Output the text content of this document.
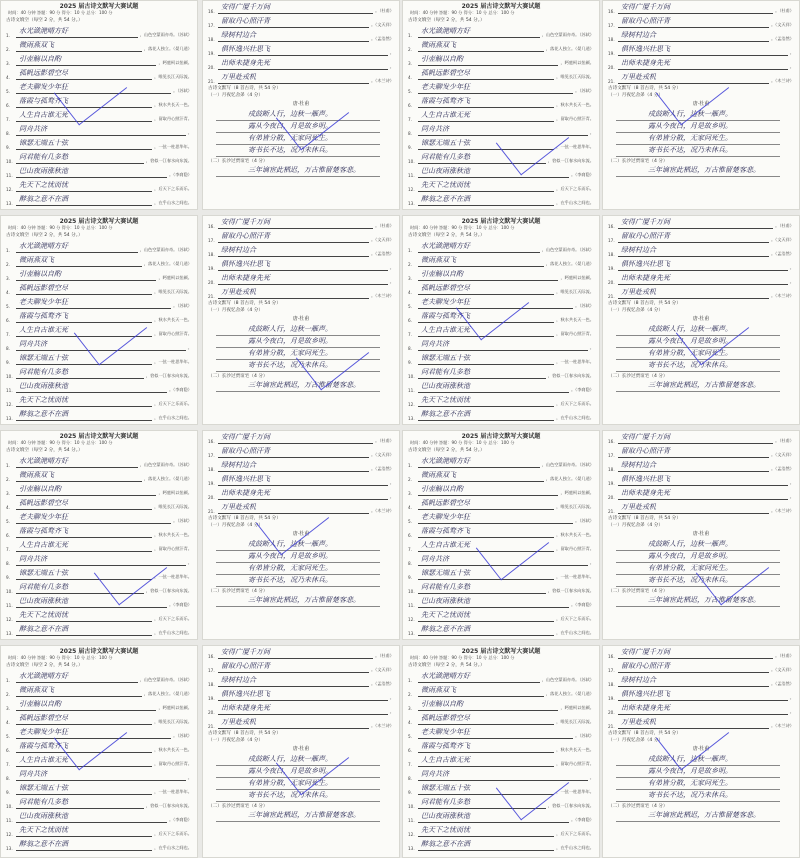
2025 届古诗文默写大赛试题
时间：40 分钟 答题：90 分 得分：10 分 总分：100 分
古诗文填空（每空 2 分，共 54 分。）
1.
水光潋滟晴方好	，山色空蒙雨亦奇。（苏轼）
2.
微雨燕双飞	，落花人独立。（晏几道）
3.
引壶觞以自酌	，眄庭柯以怡颜。
4.
孤帆远影碧空尽	，唯见长江天际流。
5.
老夫聊发少年狂	。（苏轼）
6.
落霞与孤鹜齐飞	，秋水共长天一色。
7.
人生自古谁无死	，留取丹心照汗青。
8.
同舟共济	。
9.
锦瑟无端五十弦	，一弦一柱思华年。
10.
问君能有几多愁	，恰似一江春水向东流。
11.
巴山夜雨涨秋池	。（李商隐）
12.
先天下之忧而忧	，后天下之乐而乐。
13.
醉翁之意不在酒	，在乎山水之间也。
16.
安得广厦千万间	。（杜甫）
17.
留取丹心照汗青	。（文天祥）
18.
绿树村边合	。（孟浩然）
19.
俱怀逸兴壮思飞	。
20.
出师未捷身先死	。
21.
万里赴戎机	。（木兰诗）
古诗文默写（8 首古诗，共 54 分）
（一）月夜忆舍弟（4 分）
唐·杜甫
戍鼓断人行，边秋一雁声。
露从今夜白，月是故乡明。
有弟皆分散，无家问死生。
寄书长不达，况乃未休兵。
（二）长沙过贾谊宅（4 分）
三年谪宦此栖迟，万古惟留楚客悲。
2025 届古诗文默写大赛试题
时间：40 分钟 答题：90 分 得分：10 分 总分：100 分
古诗文填空（每空 2 分，共 54 分。）
1.
水光潋滟晴方好	，山色空蒙雨亦奇。（苏轼）
2.
微雨燕双飞	，落花人独立。（晏几道）
3.
引壶觞以自酌	，眄庭柯以怡颜。
4.
孤帆远影碧空尽	，唯见长江天际流。
5.
老夫聊发少年狂	。（苏轼）
6.
落霞与孤鹜齐飞	，秋水共长天一色。
7.
人生自古谁无死	，留取丹心照汗青。
8.
同舟共济	。
9.
锦瑟无端五十弦	，一弦一柱思华年。
10.
问君能有几多愁	，恰似一江春水向东流。
11.
巴山夜雨涨秋池	。（李商隐）
12.
先天下之忧而忧	，后天下之乐而乐。
13.
醉翁之意不在酒	，在乎山水之间也。
16.
安得广厦千万间	。（杜甫）
17.
留取丹心照汗青	。（文天祥）
18.
绿树村边合	。（孟浩然）
19.
俱怀逸兴壮思飞	。
20.
出师未捷身先死	。
21.
万里赴戎机	。（木兰诗）
古诗文默写（8 首古诗，共 54 分）
（一）月夜忆舍弟（4 分）
唐·杜甫
戍鼓断人行，边秋一雁声。
露从今夜白，月是故乡明。
有弟皆分散，无家问死生。
寄书长不达，况乃未休兵。
（二）长沙过贾谊宅（4 分）
三年谪宦此栖迟，万古惟留楚客悲。
2025 届古诗文默写大赛试题
时间：40 分钟 答题：90 分 得分：10 分 总分：100 分
古诗文填空（每空 2 分，共 54 分。）
1.
水光潋滟晴方好	，山色空蒙雨亦奇。（苏轼）
2.
微雨燕双飞	，落花人独立。（晏几道）
3.
引壶觞以自酌	，眄庭柯以怡颜。
4.
孤帆远影碧空尽	，唯见长江天际流。
5.
老夫聊发少年狂	。（苏轼）
6.
落霞与孤鹜齐飞	，秋水共长天一色。
7.
人生自古谁无死	，留取丹心照汗青。
8.
同舟共济	。
9.
锦瑟无端五十弦	，一弦一柱思华年。
10.
问君能有几多愁	，恰似一江春水向东流。
11.
巴山夜雨涨秋池	。（李商隐）
12.
先天下之忧而忧	，后天下之乐而乐。
13.
醉翁之意不在酒	，在乎山水之间也。
16.
安得广厦千万间	。（杜甫）
17.
留取丹心照汗青	。（文天祥）
18.
绿树村边合	。（孟浩然）
19.
俱怀逸兴壮思飞	。
20.
出师未捷身先死	。
21.
万里赴戎机	。（木兰诗）
古诗文默写（8 首古诗，共 54 分）
（一）月夜忆舍弟（4 分）
唐·杜甫
戍鼓断人行，边秋一雁声。
露从今夜白，月是故乡明。
有弟皆分散，无家问死生。
寄书长不达，况乃未休兵。
（二）长沙过贾谊宅（4 分）
三年谪宦此栖迟，万古惟留楚客悲。
2025 届古诗文默写大赛试题
时间：40 分钟 答题：90 分 得分：10 分 总分：100 分
古诗文填空（每空 2 分，共 54 分。）
1.
水光潋滟晴方好	，山色空蒙雨亦奇。（苏轼）
2.
微雨燕双飞	，落花人独立。（晏几道）
3.
引壶觞以自酌	，眄庭柯以怡颜。
4.
孤帆远影碧空尽	，唯见长江天际流。
5.
老夫聊发少年狂	。（苏轼）
6.
落霞与孤鹜齐飞	，秋水共长天一色。
7.
人生自古谁无死	，留取丹心照汗青。
8.
同舟共济	。
9.
锦瑟无端五十弦	，一弦一柱思华年。
10.
问君能有几多愁	，恰似一江春水向东流。
11.
巴山夜雨涨秋池	。（李商隐）
12.
先天下之忧而忧	，后天下之乐而乐。
13.
醉翁之意不在酒	，在乎山水之间也。
16.
安得广厦千万间	。（杜甫）
17.
留取丹心照汗青	。（文天祥）
18.
绿树村边合	。（孟浩然）
19.
俱怀逸兴壮思飞	。
20.
出师未捷身先死	。
21.
万里赴戎机	。（木兰诗）
古诗文默写（8 首古诗，共 54 分）
（一）月夜忆舍弟（4 分）
唐·杜甫
戍鼓断人行，边秋一雁声。
露从今夜白，月是故乡明。
有弟皆分散，无家问死生。
寄书长不达，况乃未休兵。
（二）长沙过贾谊宅（4 分）
三年谪宦此栖迟，万古惟留楚客悲。
2025 届古诗文默写大赛试题
时间：40 分钟 答题：90 分 得分：10 分 总分：100 分
古诗文填空（每空 2 分，共 54 分。）
1.
水光潋滟晴方好	，山色空蒙雨亦奇。（苏轼）
2.
微雨燕双飞	，落花人独立。（晏几道）
3.
引壶觞以自酌	，眄庭柯以怡颜。
4.
孤帆远影碧空尽	，唯见长江天际流。
5.
老夫聊发少年狂	。（苏轼）
6.
落霞与孤鹜齐飞	，秋水共长天一色。
7.
人生自古谁无死	，留取丹心照汗青。
8.
同舟共济	。
9.
锦瑟无端五十弦	，一弦一柱思华年。
10.
问君能有几多愁	，恰似一江春水向东流。
11.
巴山夜雨涨秋池	。（李商隐）
12.
先天下之忧而忧	，后天下之乐而乐。
13.
醉翁之意不在酒	，在乎山水之间也。
16.
安得广厦千万间	。（杜甫）
17.
留取丹心照汗青	。（文天祥）
18.
绿树村边合	。（孟浩然）
19.
俱怀逸兴壮思飞	。
20.
出师未捷身先死	。
21.
万里赴戎机	。（木兰诗）
古诗文默写（8 首古诗，共 54 分）
（一）月夜忆舍弟（4 分）
唐·杜甫
戍鼓断人行，边秋一雁声。
露从今夜白，月是故乡明。
有弟皆分散，无家问死生。
寄书长不达，况乃未休兵。
（二）长沙过贾谊宅（4 分）
三年谪宦此栖迟，万古惟留楚客悲。
2025 届古诗文默写大赛试题
时间：40 分钟 答题：90 分 得分：10 分 总分：100 分
古诗文填空（每空 2 分，共 54 分。）
1.
水光潋滟晴方好	，山色空蒙雨亦奇。（苏轼）
2.
微雨燕双飞	，落花人独立。（晏几道）
3.
引壶觞以自酌	，眄庭柯以怡颜。
4.
孤帆远影碧空尽	，唯见长江天际流。
5.
老夫聊发少年狂	。（苏轼）
6.
落霞与孤鹜齐飞	，秋水共长天一色。
7.
人生自古谁无死	，留取丹心照汗青。
8.
同舟共济	。
9.
锦瑟无端五十弦	，一弦一柱思华年。
10.
问君能有几多愁	，恰似一江春水向东流。
11.
巴山夜雨涨秋池	。（李商隐）
12.
先天下之忧而忧	，后天下之乐而乐。
13.
醉翁之意不在酒	，在乎山水之间也。
16.
安得广厦千万间	。（杜甫）
17.
留取丹心照汗青	。（文天祥）
18.
绿树村边合	。（孟浩然）
19.
俱怀逸兴壮思飞	。
20.
出师未捷身先死	。
21.
万里赴戎机	。（木兰诗）
古诗文默写（8 首古诗，共 54 分）
（一）月夜忆舍弟（4 分）
唐·杜甫
戍鼓断人行，边秋一雁声。
露从今夜白，月是故乡明。
有弟皆分散，无家问死生。
寄书长不达，况乃未休兵。
（二）长沙过贾谊宅（4 分）
三年谪宦此栖迟，万古惟留楚客悲。
2025 届古诗文默写大赛试题
时间：40 分钟 答题：90 分 得分：10 分 总分：100 分
古诗文填空（每空 2 分，共 54 分。）
1.
水光潋滟晴方好	，山色空蒙雨亦奇。（苏轼）
2.
微雨燕双飞	，落花人独立。（晏几道）
3.
引壶觞以自酌	，眄庭柯以怡颜。
4.
孤帆远影碧空尽	，唯见长江天际流。
5.
老夫聊发少年狂	。（苏轼）
6.
落霞与孤鹜齐飞	，秋水共长天一色。
7.
人生自古谁无死	，留取丹心照汗青。
8.
同舟共济	。
9.
锦瑟无端五十弦	，一弦一柱思华年。
10.
问君能有几多愁	，恰似一江春水向东流。
11.
巴山夜雨涨秋池	。（李商隐）
12.
先天下之忧而忧	，后天下之乐而乐。
13.
醉翁之意不在酒	，在乎山水之间也。
16.
安得广厦千万间	。（杜甫）
17.
留取丹心照汗青	。（文天祥）
18.
绿树村边合	。（孟浩然）
19.
俱怀逸兴壮思飞	。
20.
出师未捷身先死	。
21.
万里赴戎机	。（木兰诗）
古诗文默写（8 首古诗，共 54 分）
（一）月夜忆舍弟（4 分）
唐·杜甫
戍鼓断人行，边秋一雁声。
露从今夜白，月是故乡明。
有弟皆分散，无家问死生。
寄书长不达，况乃未休兵。
（二）长沙过贾谊宅（4 分）
三年谪宦此栖迟，万古惟留楚客悲。
2025 届古诗文默写大赛试题
时间：40 分钟 答题：90 分 得分：10 分 总分：100 分
古诗文填空（每空 2 分，共 54 分。）
1.
水光潋滟晴方好	，山色空蒙雨亦奇。（苏轼）
2.
微雨燕双飞	，落花人独立。（晏几道）
3.
引壶觞以自酌	，眄庭柯以怡颜。
4.
孤帆远影碧空尽	，唯见长江天际流。
5.
老夫聊发少年狂	。（苏轼）
6.
落霞与孤鹜齐飞	，秋水共长天一色。
7.
人生自古谁无死	，留取丹心照汗青。
8.
同舟共济	。
9.
锦瑟无端五十弦	，一弦一柱思华年。
10.
问君能有几多愁	，恰似一江春水向东流。
11.
巴山夜雨涨秋池	。（李商隐）
12.
先天下之忧而忧	，后天下之乐而乐。
13.
醉翁之意不在酒	，在乎山水之间也。
16.
安得广厦千万间	。（杜甫）
17.
留取丹心照汗青	。（文天祥）
18.
绿树村边合	。（孟浩然）
19.
俱怀逸兴壮思飞	。
20.
出师未捷身先死	。
21.
万里赴戎机	。（木兰诗）
古诗文默写（8 首古诗，共 54 分）
（一）月夜忆舍弟（4 分）
唐·杜甫
戍鼓断人行，边秋一雁声。
露从今夜白，月是故乡明。
有弟皆分散，无家问死生。
寄书长不达，况乃未休兵。
（二）长沙过贾谊宅（4 分）
三年谪宦此栖迟，万古惟留楚客悲。
